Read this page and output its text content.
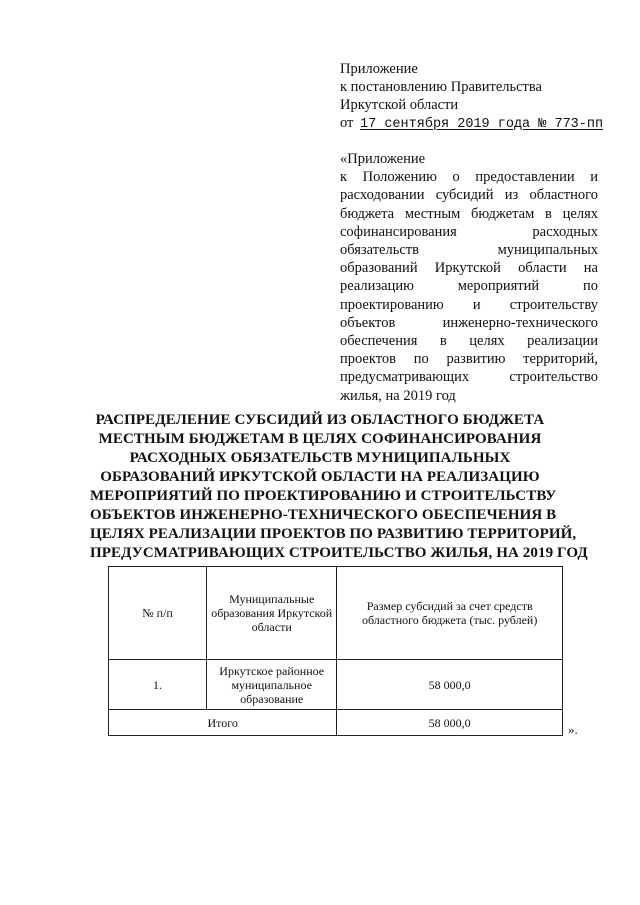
Приложение
к постановлению Правительства
Иркутской области
от 17 сентября 2019 года № 773-пп
«Приложение
к Положению о предоставлении и расходовании субсидий из областного бюджета местным бюджетам в целях софинансирования расходных обязательств муниципальных образований Иркутской области на реализацию мероприятий по проектированию и строительству объектов инженерно-технического обеспечения в целях реализации проектов по развитию территорий, предусматривающих строительство жилья, на 2019 год
РАСПРЕДЕЛЕНИЕ СУБСИДИЙ ИЗ ОБЛАСТНОГО БЮДЖЕТА
МЕСТНЫМ БЮДЖЕТАМ В ЦЕЛЯХ СОФИНАНСИРОВАНИЯ
РАСХОДНЫХ ОБЯЗАТЕЛЬСТВ МУНИЦИПАЛЬНЫХ
ОБРАЗОВАНИЙ ИРКУТСКОЙ ОБЛАСТИ НА РЕАЛИЗАЦИЮ
МЕРОПРИЯТИЙ ПО ПРОЕКТИРОВАНИЮ И СТРОИТЕЛЬСТВУ
ОБЪЕКТОВ ИНЖЕНЕРНО-ТЕХНИЧЕСКОГО ОБЕСПЕЧЕНИЯ В
ЦЕЛЯХ РЕАЛИЗАЦИИ ПРОЕКТОВ ПО РАЗВИТИЮ ТЕРРИТОРИЙ,
ПРЕДУСМАТРИВАЮЩИХ СТРОИТЕЛЬСТВО ЖИЛЬЯ, НА 2019 ГОД
№ п/п	Муниципальные образования Иркутской области	Размер субсидий за счет средств областного бюджета (тыс. рублей)
1.	Иркутское районное муниципальное образование	58 000,0
Итого		58 000,0	».
